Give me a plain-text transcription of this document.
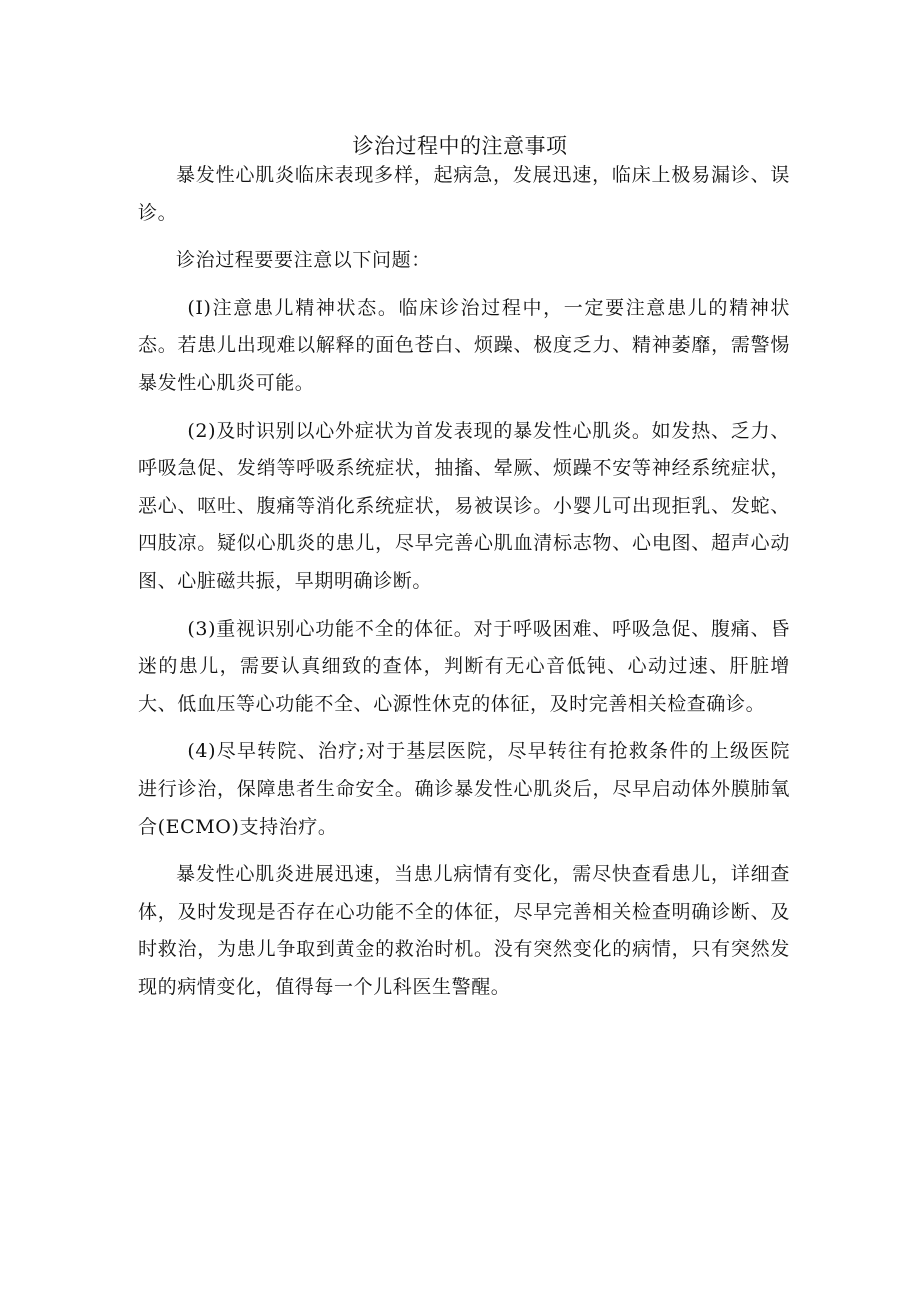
诊治过程中的注意事项

暴发性心肌炎临床表现多样，起病急，发展迅速，临床上极易漏诊、误诊。

诊治过程要要注意以下问题：

(I)注意患儿精神状态。临床诊治过程中，一定要注意患儿的精神状态。若患儿出现难以解释的面色苍白、烦躁、极度乏力、精神萎靡，需警惕暴发性心肌炎可能。

(2)及时识别以心外症状为首发表现的暴发性心肌炎。如发热、乏力、呼吸急促、发绡等呼吸系统症状，抽搐、晕厥、烦躁不安等神经系统症状，恶心、呕吐、腹痛等消化系统症状，易被误诊。小婴儿可出现拒乳、发蛇、四肢凉。疑似心肌炎的患儿，尽早完善心肌血清标志物、心电图、超声心动图、心脏磁共振，早期明确诊断。

(3)重视识别心功能不全的体征。对于呼吸困难、呼吸急促、腹痛、昏迷的患儿，需要认真细致的查体，判断有无心音低钝、心动过速、肝脏增大、低血压等心功能不全、心源性休克的体征，及时完善相关检查确诊。

(4)尽早转院、治疗;对于基层医院，尽早转往有抢救条件的上级医院进行诊治，保障患者生命安全。确诊暴发性心肌炎后，尽早启动体外膜肺氧合(ECMO)支持治疗。

暴发性心肌炎进展迅速，当患儿病情有变化，需尽快查看患儿，详细查体，及时发现是否存在心功能不全的体征，尽早完善相关检查明确诊断、及时救治，为患儿争取到黄金的救治时机。没有突然变化的病情，只有突然发现的病情变化，值得每一个儿科医生警醒。
